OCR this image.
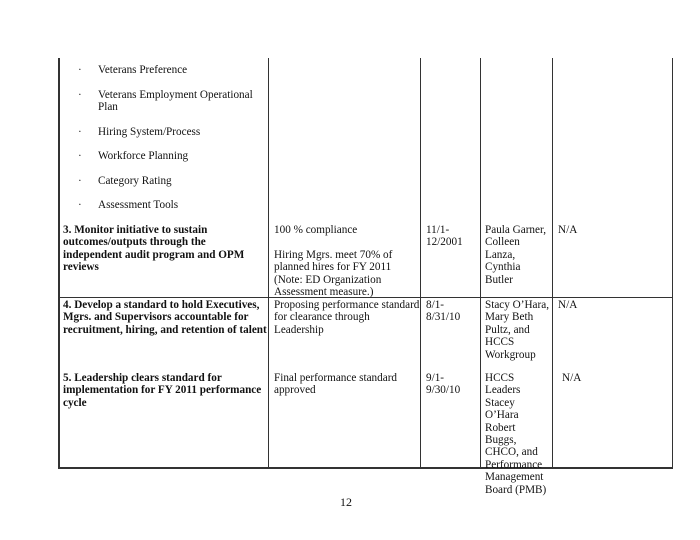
· Veterans Preference
· Veterans Employment Operational Plan
· Hiring System/Process
· Workforce Planning
· Category Rating
· Assessment Tools
3. Monitor initiative to sustain outcomes/outputs through the independent audit program and OPM reviews
100 % compliance
Hiring Mgrs. meet 70% of planned hires for FY 2011 (Note: ED Organization Assessment measure.)
11/1-12/2001
Paula Garner, Colleen Lanza, Cynthia Butler
N/A
4. Develop a standard to hold Executives, Mgrs. and Supervisors accountable for recruitment, hiring, and retention of talent
Proposing performance standard for clearance through Leadership
8/1-8/31/10
Stacy O’Hara, Mary Beth Pultz, and HCCS Workgroup
N/A
5. Leadership clears standard for implementation for FY 2011 performance cycle
Final performance standard approved
9/1-9/30/10
HCCS Leaders Stacey O’Hara Robert Buggs, CHCO, and Performance Management Board (PMB)
N/A
12
